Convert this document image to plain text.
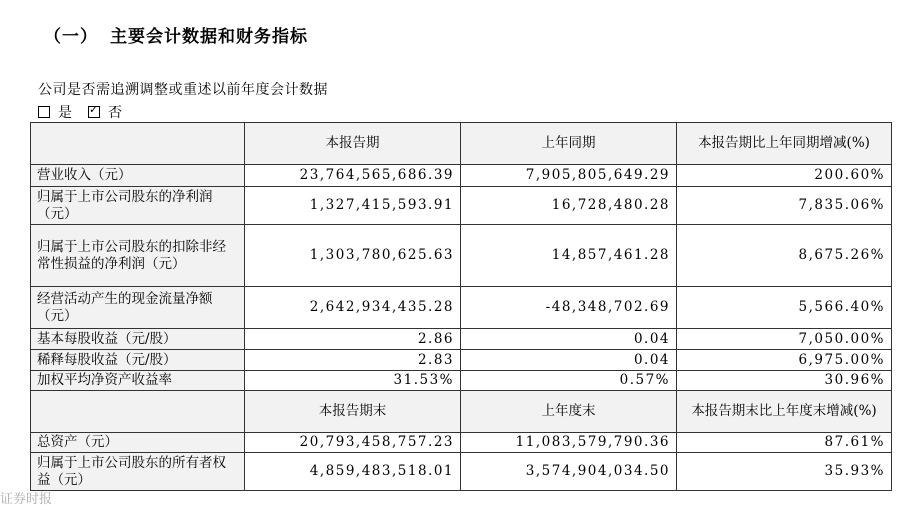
（一） 主要会计数据和财务指标
公司是否需追溯调整或重述以前年度会计数据
是 ✓	否
	本报告期	上年同期	本报告期比上年同期增减(%)
营业收入（元）	23,764,565,686.39	7,905,805,649.29	200.60%
归属于上市公司股东的净利润（元）	1,327,415,593.91	16,728,480.28	7,835.06%
归属于上市公司股东的扣除非经常性损益的净利润（元）	1,303,780,625.63	14,857,461.28	8,675.26%
经营活动产生的现金流量净额（元）	2,642,934,435.28	-48,348,702.69	5,566.40%
基本每股收益（元/股）	2.86	0.04	7,050.00%
稀释每股收益（元/股）	2.83	0.04	6,975.00%
加权平均净资产收益率	31.53%	0.57%	30.96%
	本报告期末	上年度末	本报告期末比上年度末增减(%)
总资产（元）	20,793,458,757.23	11,083,579,790.36	87.61%
归属于上市公司股东的所有者权益（元）	4,859,483,518.01	3,574,904,034.50	35.93%
证券时报
